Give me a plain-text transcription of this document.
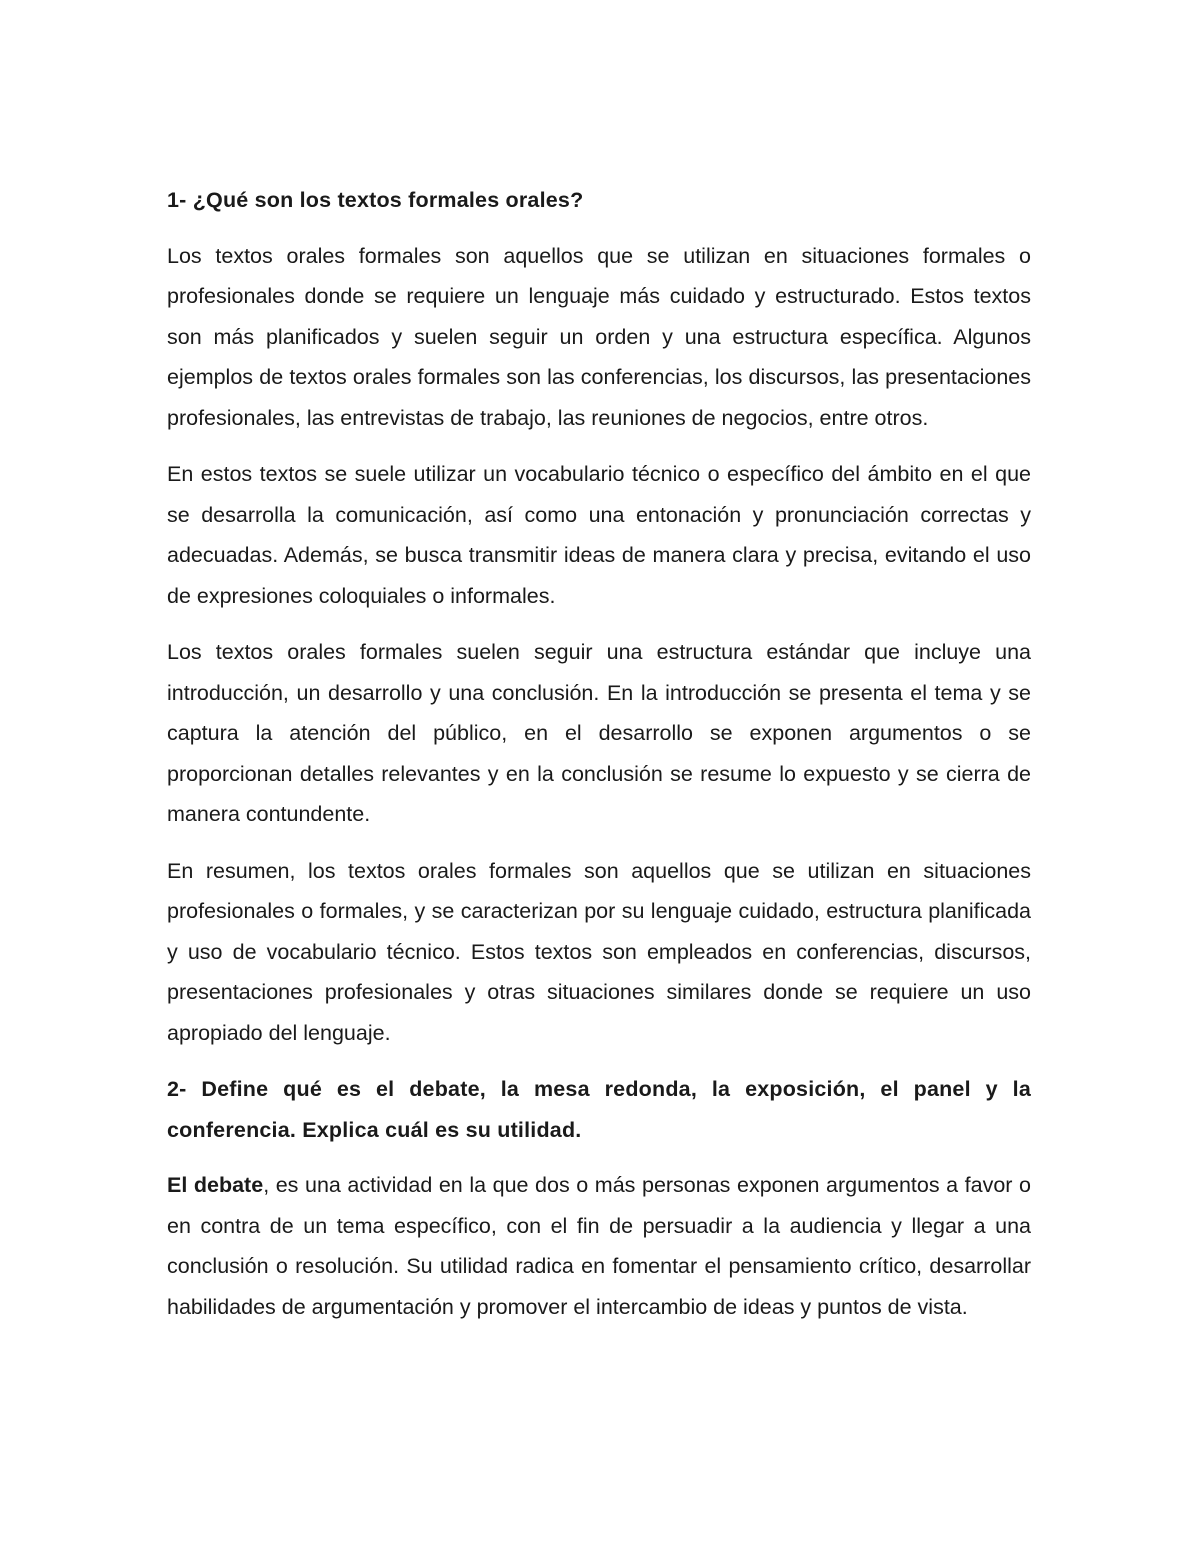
1- ¿Qué son los textos formales orales?

Los textos orales formales son aquellos que se utilizan en situaciones formales o profesionales donde se requiere un lenguaje más cuidado y estructurado. Estos textos son más planificados y suelen seguir un orden y una estructura específica. Algunos ejemplos de textos orales formales son las conferencias, los discursos, las presentaciones profesionales, las entrevistas de trabajo, las reuniones de negocios, entre otros.

En estos textos se suele utilizar un vocabulario técnico o específico del ámbito en el que se desarrolla la comunicación, así como una entonación y pronunciación correctas y adecuadas. Además, se busca transmitir ideas de manera clara y precisa, evitando el uso de expresiones coloquiales o informales.

Los textos orales formales suelen seguir una estructura estándar que incluye una introducción, un desarrollo y una conclusión. En la introducción se presenta el tema y se captura la atención del público, en el desarrollo se exponen argumentos o se proporcionan detalles relevantes y en la conclusión se resume lo expuesto y se cierra de manera contundente.

En resumen, los textos orales formales son aquellos que se utilizan en situaciones profesionales o formales, y se caracterizan por su lenguaje cuidado, estructura planificada y uso de vocabulario técnico. Estos textos son empleados en conferencias, discursos, presentaciones profesionales y otras situaciones similares donde se requiere un uso apropiado del lenguaje.

2- Define qué es el debate, la mesa redonda, la exposición, el panel y la conferencia. Explica cuál es su utilidad.

El debate, es una actividad en la que dos o más personas exponen argumentos a favor o en contra de un tema específico, con el fin de persuadir a la audiencia y llegar a una conclusión o resolución. Su utilidad radica en fomentar el pensamiento crítico, desarrollar habilidades de argumentación y promover el intercambio de ideas y puntos de vista.
